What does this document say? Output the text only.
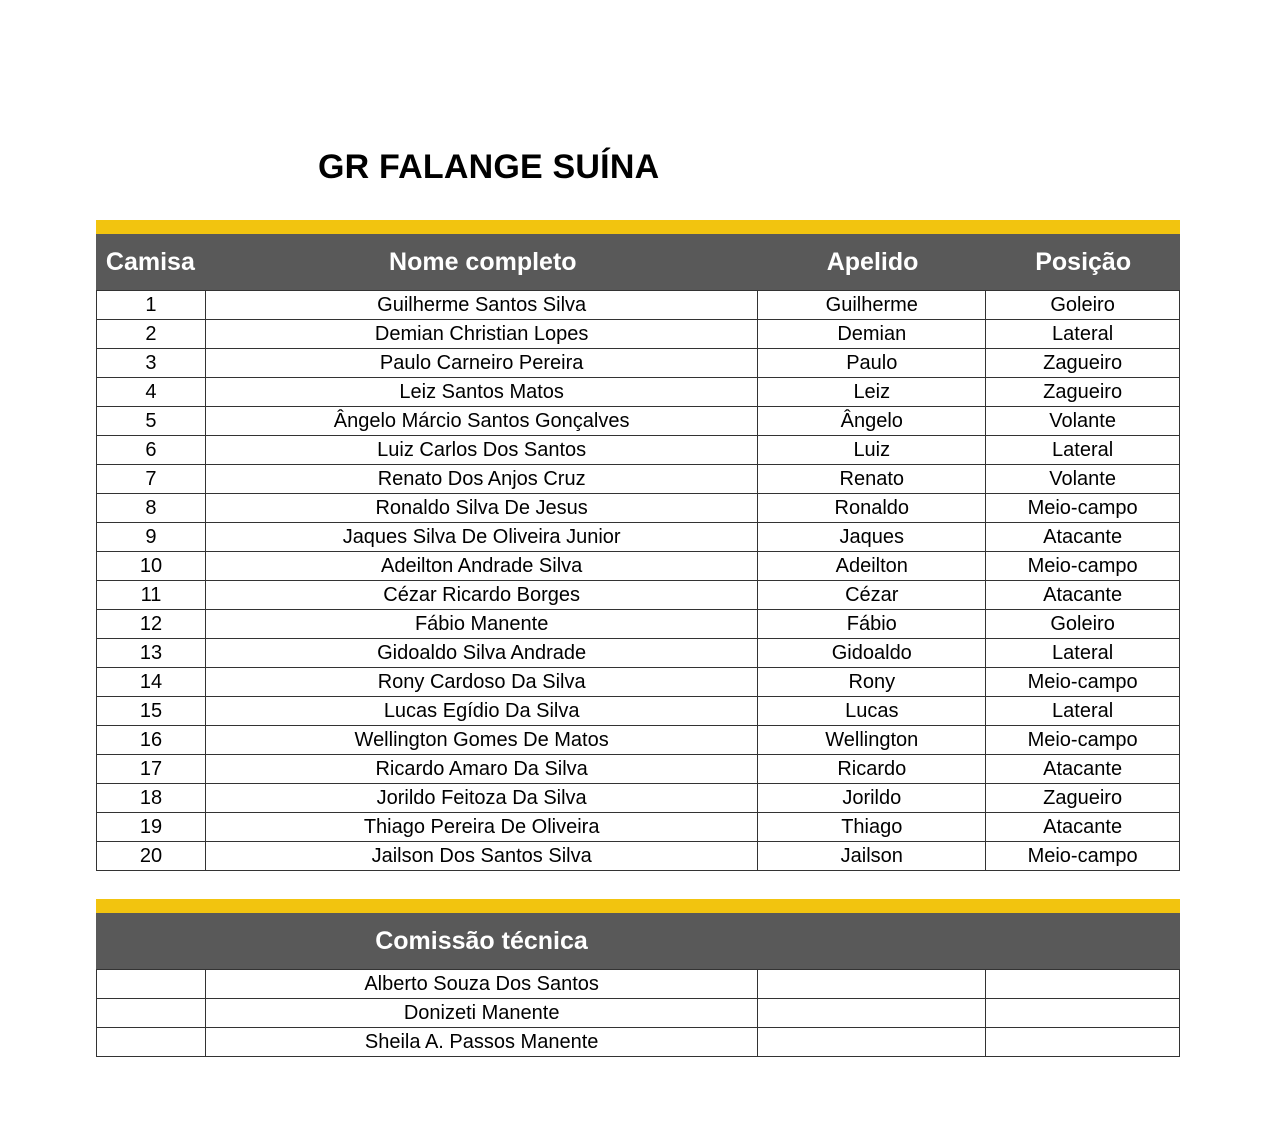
GR FALANGE SUÍNA
Camisa	Nome completo	Apelido	Posição
1	Guilherme Santos Silva	Guilherme	Goleiro
2	Demian Christian Lopes	Demian	Lateral
3	Paulo Carneiro Pereira	Paulo	Zagueiro
4	Leiz Santos Matos	Leiz	Zagueiro
5	Ângelo Márcio Santos Gonçalves	Ângelo	Volante
6	Luiz Carlos Dos Santos	Luiz	Lateral
7	Renato Dos Anjos Cruz	Renato	Volante
8	Ronaldo Silva De Jesus	Ronaldo	Meio-campo
9	Jaques Silva De Oliveira Junior	Jaques	Atacante
10	Adeilton Andrade Silva	Adeilton	Meio-campo
11	Cézar Ricardo Borges	Cézar	Atacante
12	Fábio Manente	Fábio	Goleiro
13	Gidoaldo Silva Andrade	Gidoaldo	Lateral
14	Rony Cardoso Da Silva	Rony	Meio-campo
15	Lucas Egídio Da Silva	Lucas	Lateral
16	Wellington Gomes De Matos	Wellington	Meio-campo
17	Ricardo Amaro Da Silva	Ricardo	Atacante
18	Jorildo Feitoza Da Silva	Jorildo	Zagueiro
19	Thiago Pereira De Oliveira	Thiago	Atacante
20	Jailson Dos Santos Silva	Jailson	Meio-campo
Comissão técnica
Alberto Souza Dos Santos
Donizeti Manente
Sheila A. Passos Manente
